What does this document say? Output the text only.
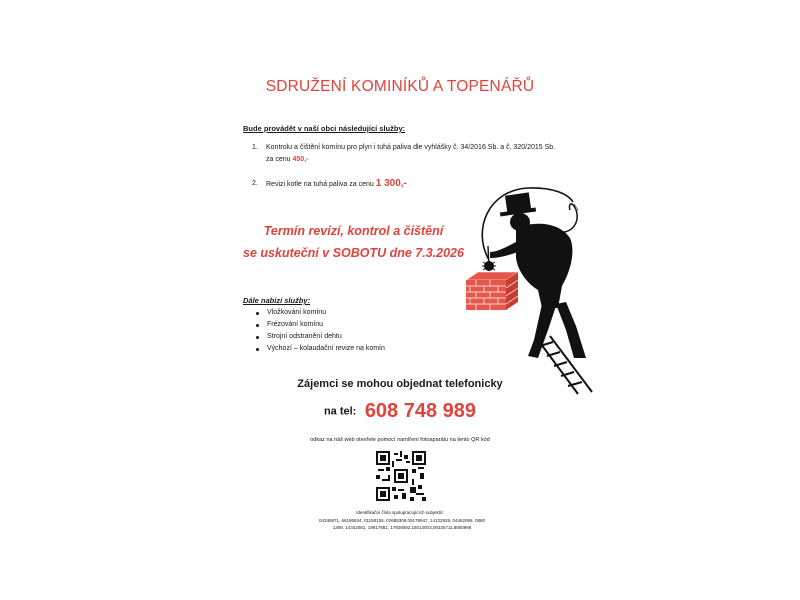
SDRUŽENÍ KOMINÍKŮ A TOPENÁŘŮ
Bude provádět v naší obci následující služby:
1. Kontrolu a čištění komínu pro plyn i tuhá paliva dle vyhlášky č. 34/2016 Sb. a č. 320/2015 Sb. za cenu 450,-
2. Revizi kotle na tuhá paliva za cenu 1 300,-
Termín revizí, kontrol a čištění
se uskuteční v SOBOTU dne 7.3.2026
Dále nabízí služby:
Vložkování komínu
Frézování komínu
Strojní odstranění dehtu
Výchozí – kolaudační revize na komín
Zájemci se mohou objednat telefonicky
na tel: 608 748 989
odkaz na náš web otevřete pomocí namíření fotoaparátu na tento QR kód
Identifikační čísla spolupracujících subjektů:
04346971, 66195934, 01158155, 02685308,09178947, 14122928, 04462068, 08601308, 14342081, 19917881, 17928092,18014003,09336711,8850996
